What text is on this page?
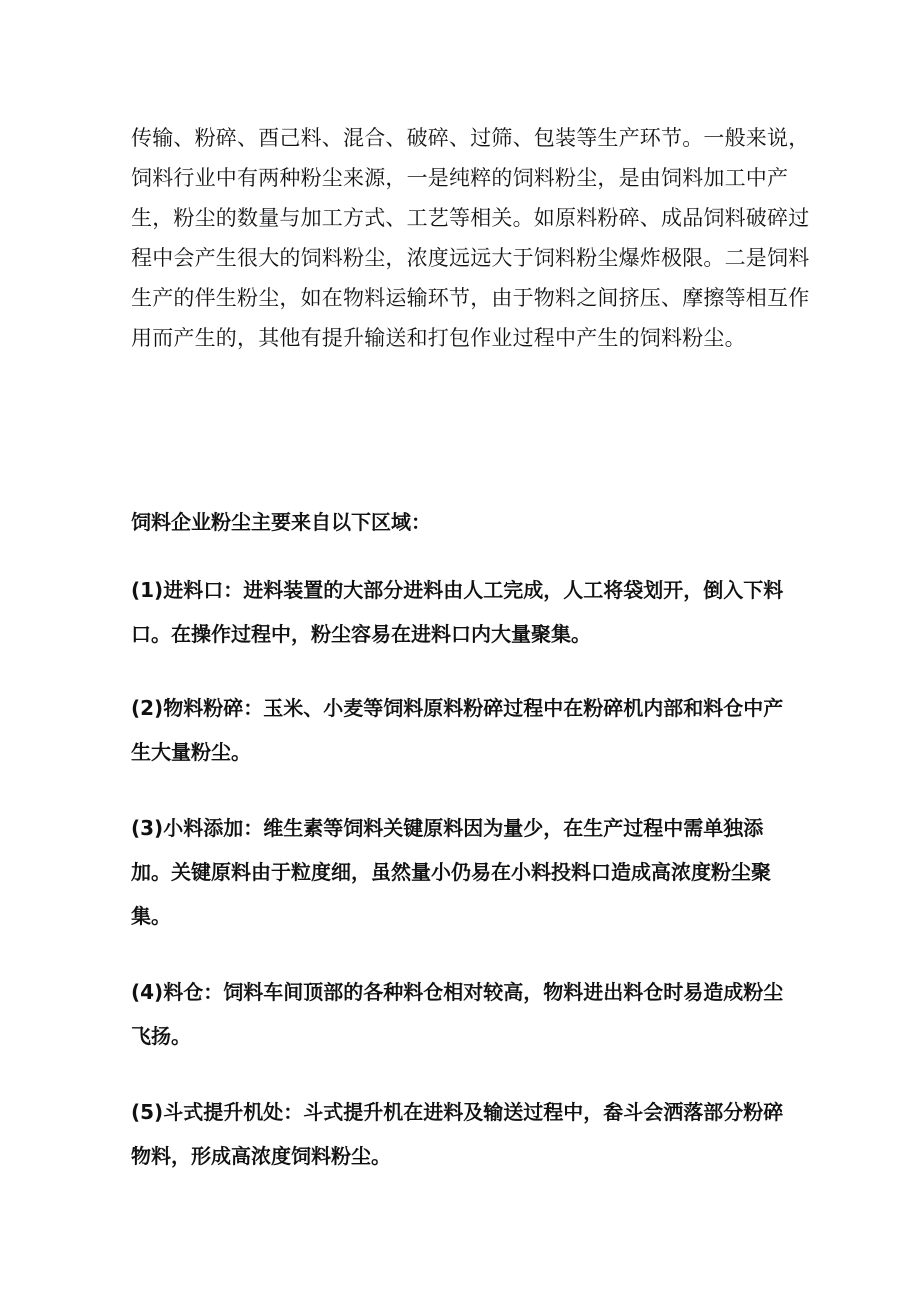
传输、粉碎、酉己料、混合、破碎、过筛、包装等生产环节。一般来说，
饲料行业中有两种粉尘来源，一是纯粹的饲料粉尘，是由饲料加工中产
生，粉尘的数量与加工方式、工艺等相关。如原料粉碎、成品饲料破碎过
程中会产生很大的饲料粉尘，浓度远远大于饲料粉尘爆炸极限。二是饲料
生产的伴生粉尘，如在物料运输环节，由于物料之间挤压、摩擦等相互作
用而产生的，其他有提升输送和打包作业过程中产生的饲料粉尘。

饲料企业粉尘主要来自以下区域：

(1)进料口：进料装置的大部分进料由人工完成，人工将袋划开，倒入下料
口。在操作过程中，粉尘容易在进料口内大量聚集。

(2)物料粉碎：玉米、小麦等饲料原料粉碎过程中在粉碎机内部和料仓中产
生大量粉尘。

(3)小料添加：维生素等饲料关键原料因为量少，在生产过程中需单独添
加。关键原料由于粒度细，虽然量小仍易在小料投料口造成高浓度粉尘聚
集。

(4)料仓：饲料车间顶部的各种料仓相对较高，物料进出料仓时易造成粉尘
飞扬。

(5)斗式提升机处：斗式提升机在进料及输送过程中，畚斗会洒落部分粉碎
物料，形成高浓度饲料粉尘。
